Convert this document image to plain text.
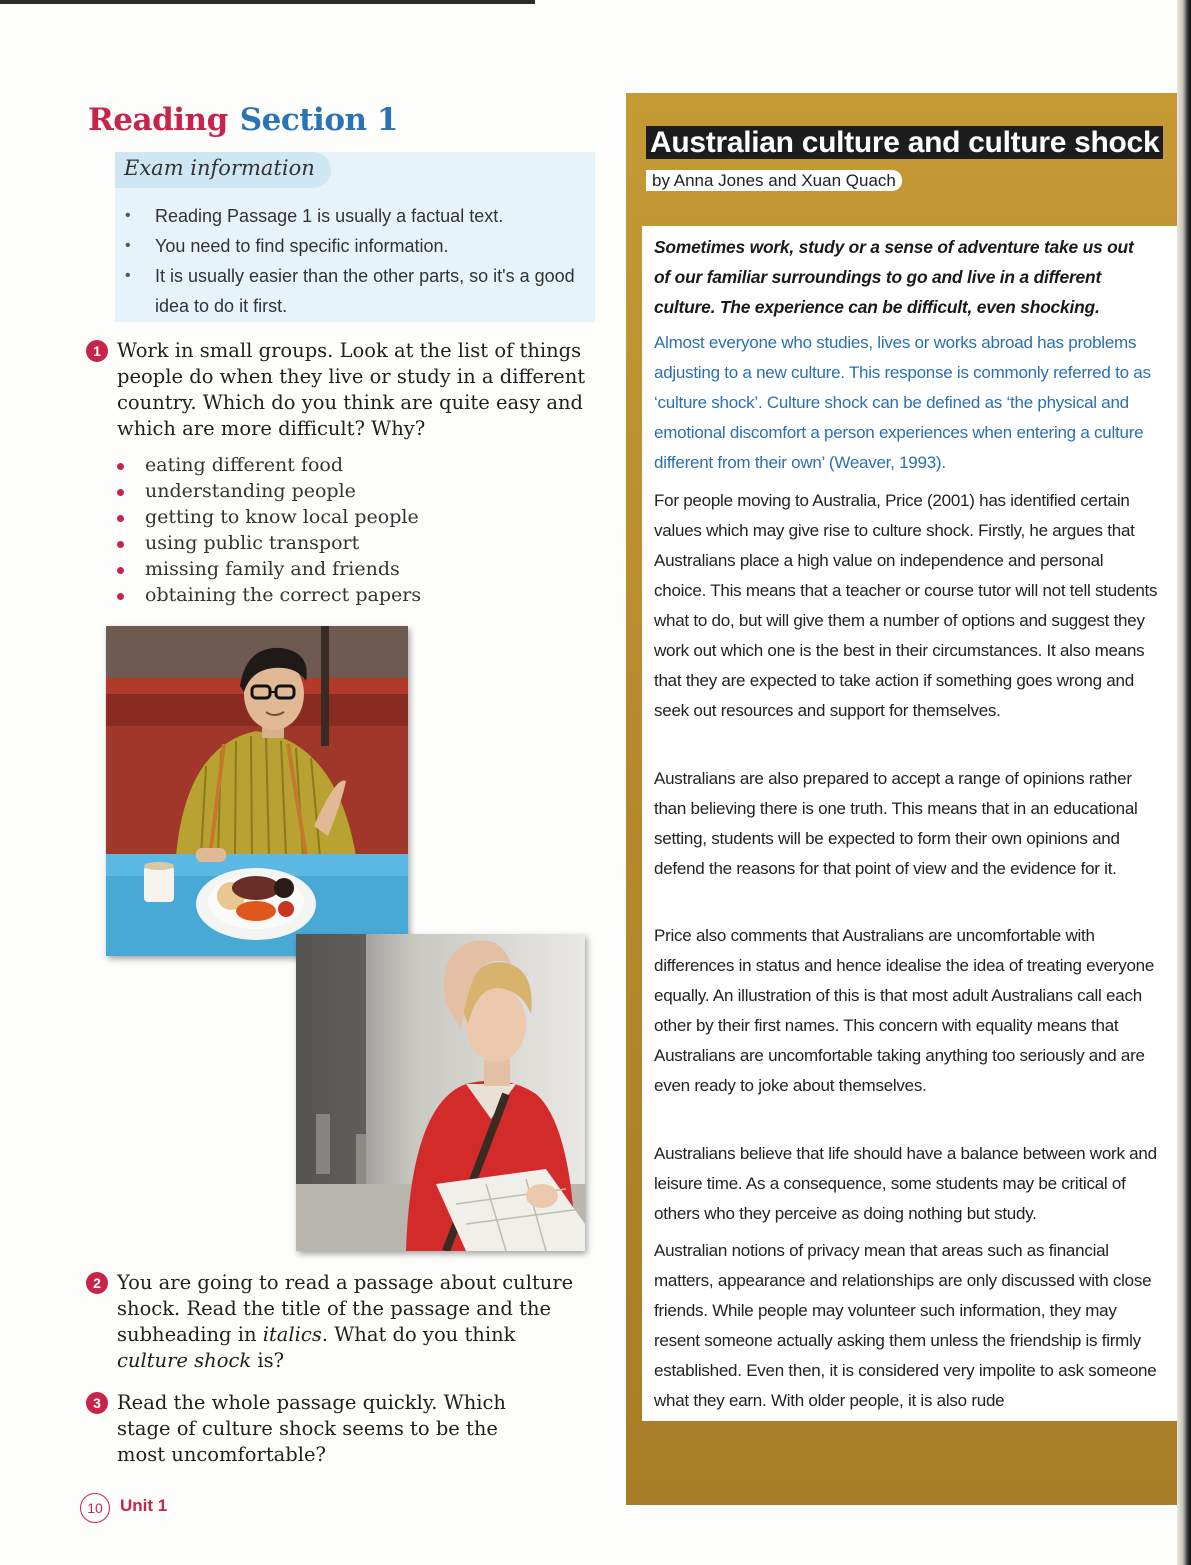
Reading Section 1
Exam information
• Reading Passage 1 is usually a factual text.
• You need to find specific information.
• It is usually easier than the other parts, so it's a good idea to do it first.
1 Work in small groups. Look at the list of things people do when they live or study in a different country. Which do you think are quite easy and which are more difficult? Why?
eating different food
understanding people
getting to know local people
using public transport
missing family and friends
obtaining the correct papers
2 You are going to read a passage about culture shock. Read the title of the passage and the subheading in italics. What do you think culture shock is?
3 Read the whole passage quickly. Which stage of culture shock seems to be the most uncomfortable?
10	Unit 1
Australian culture and culture shock
by Anna Jones and Xuan Quach
Sometimes work, study or a sense of adventure take us out of our familiar surroundings to go and live in a different culture. The experience can be difficult, even shocking.

Almost everyone who studies, lives or works abroad has problems adjusting to a new culture. This response is commonly referred to as ‘culture shock’. Culture shock can be defined as ‘the physical and emotional discomfort a person experiences when entering a culture different from their own’ (Weaver, 1993).

For people moving to Australia, Price (2001) has identified certain values which may give rise to culture shock. Firstly, he argues that Australians place a high value on independence and personal choice. This means that a teacher or course tutor will not tell students what to do, but will give them a number of options and suggest they work out which one is the best in their circumstances. It also means that they are expected to take action if something goes wrong and seek out resources and support for themselves.

Australians are also prepared to accept a range of opinions rather than believing there is one truth. This means that in an educational setting, students will be expected to form their own opinions and defend the reasons for that point of view and the evidence for it.

Price also comments that Australians are uncomfortable with differences in status and hence idealise the idea of treating everyone equally. An illustration of this is that most adult Australians call each other by their first names. This concern with equality means that Australians are uncomfortable taking anything too seriously and are even ready to joke about themselves.

Australians believe that life should have a balance between work and leisure time. As a consequence, some students may be critical of others who they perceive as doing nothing but study.

Australian notions of privacy mean that areas such as financial matters, appearance and relationships are only discussed with close friends. While people may volunteer such information, they may resent someone actually asking them unless the friendship is firmly established. Even then, it is considered very impolite to ask someone what they earn. With older people, it is also rude
